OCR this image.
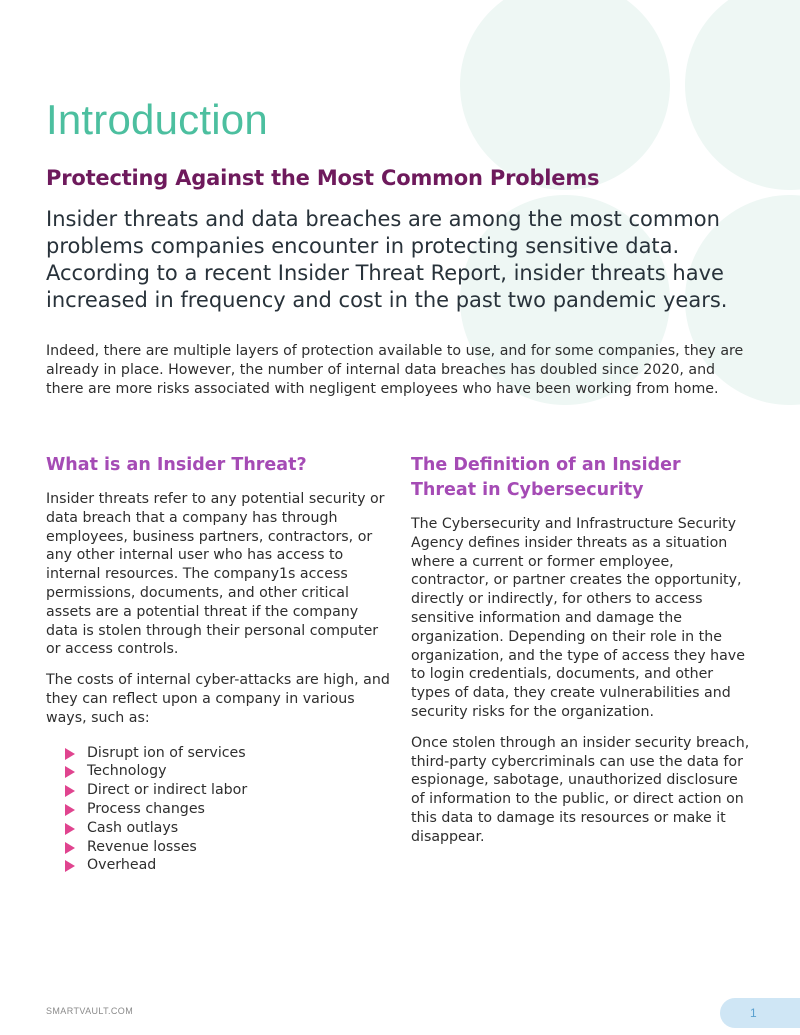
Introduction
Protecting Against the Most Common Problems

Insider threats and data breaches are among the most common problems companies encounter in protecting sensitive data. According to a recent Insider Threat Report, insider threats have increased in frequency and cost in the past two pandemic years.

Indeed, there are multiple layers of protection available to use, and for some companies, they are already in place. However, the number of internal data breaches has doubled since 2020, and there are more risks associated with negligent employees who have been working from home.

What is an Insider Threat?

Insider threats refer to any potential security or data breach that a company has through employees, business partners, contractors, or any other internal user who has access to internal resources. The company1s access permissions, documents, and other critical assets are a potential threat if the company data is stolen through their personal computer or access controls.

The costs of internal cyber-attacks are high, and they can reflect upon a company in various ways, such as:

Disrupt ion of services
Technology
Direct or indirect labor
Process changes
Cash outlays
Revenue losses
Overhead
The Definition of an Insider Threat in Cybersecurity

The Cybersecurity and Infrastructure Security Agency defines insider threats as a situation where a current or former employee, contractor, or partner creates the opportunity, directly or indirectly, for others to access sensitive information and damage the organization. Depending on their role in the organization, and the type of access they have to login credentials, documents, and other types of data, they create vulnerabilities and security risks for the organization.

Once stolen through an insider security breach, third-party cybercriminals can use the data for espionage, sabotage, unauthorized disclosure of information to the public, or direct action on this data to damage its resources or make it disappear.

SMARTVAULT.COM	1
